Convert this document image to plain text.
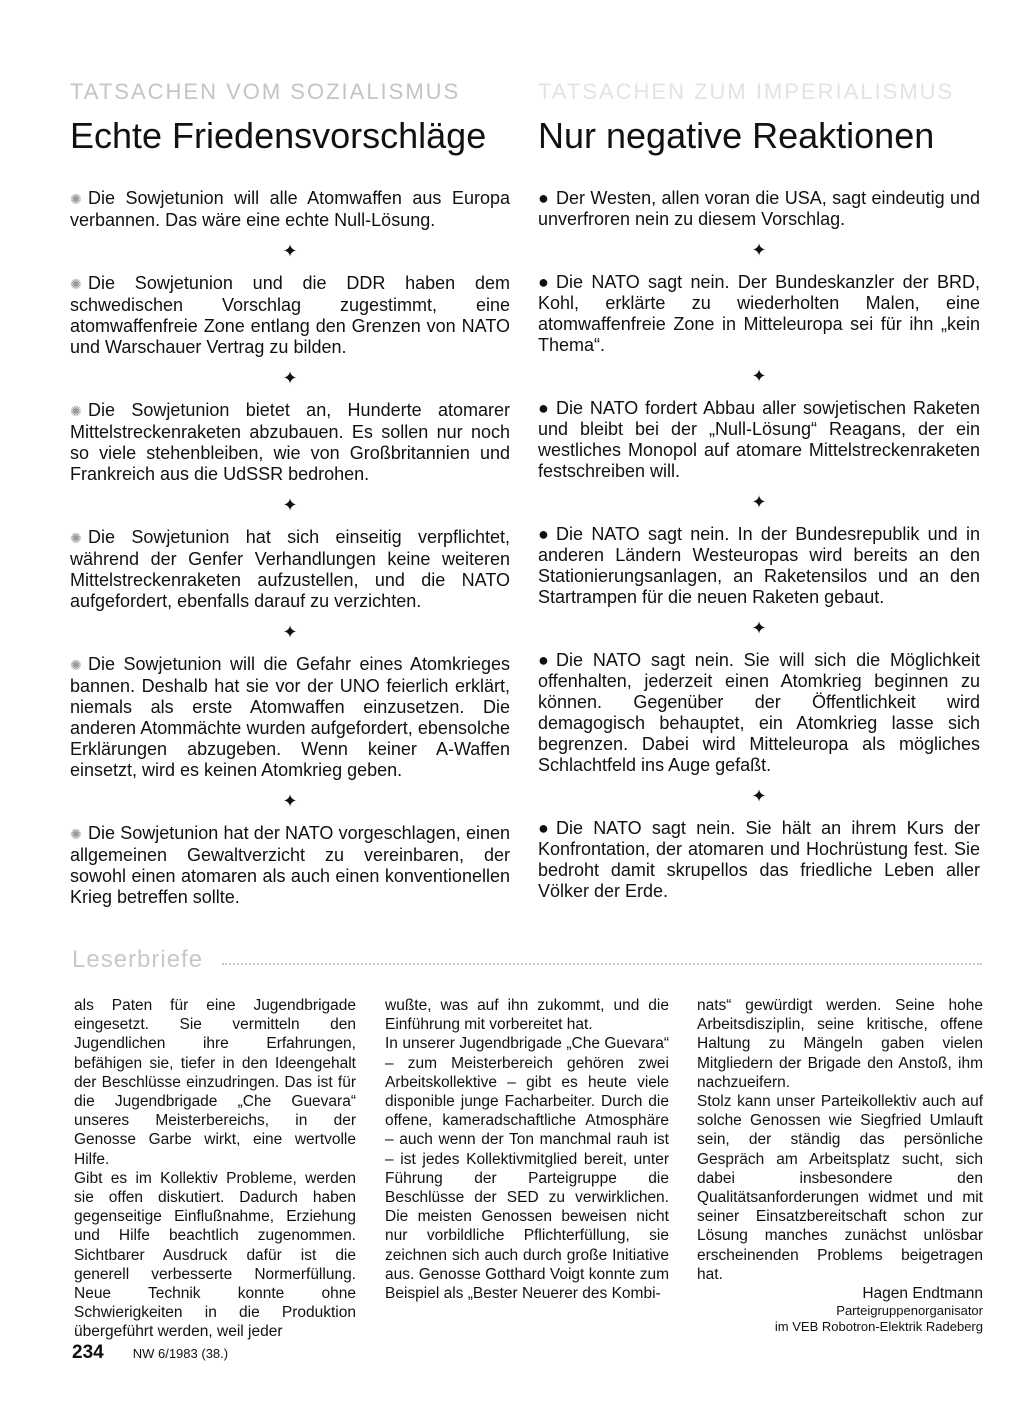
TATSACHEN VOM SOZIALISMUS
Echte Friedensvorschläge
✺ Die Sowjetunion will alle Atomwaffen aus Europa verbannen. Das wäre eine echte Null-Lösung.
✦
✺ Die Sowjetunion und die DDR haben dem schwedischen Vorschlag zugestimmt, eine atomwaffenfreie Zone entlang den Grenzen von NATO und Warschauer Vertrag zu bilden.
✦
✺ Die Sowjetunion bietet an, Hunderte atomarer Mittelstreckenraketen abzubauen. Es sollen nur noch so viele stehenbleiben, wie von Großbritannien und Frankreich aus die UdSSR bedrohen.
✦
✺ Die Sowjetunion hat sich einseitig verpflichtet, während der Genfer Verhandlungen keine weiteren Mittelstreckenraketen aufzustellen, und die NATO aufgefordert, ebenfalls darauf zu verzichten.
✦
✺ Die Sowjetunion will die Gefahr eines Atomkrieges bannen. Deshalb hat sie vor der UNO feierlich erklärt, niemals als erste Atomwaffen einzusetzen. Die anderen Atommächte wurden aufgefordert, ebensolche Erklärungen abzugeben. Wenn keiner A-Waffen einsetzt, wird es keinen Atomkrieg geben.
✦
✺ Die Sowjetunion hat der NATO vorgeschlagen, einen allgemeinen Gewaltverzicht zu vereinbaren, der sowohl einen atomaren als auch einen konventionellen Krieg betreffen sollte.
TATSACHEN ZUM IMPERIALISMUS
Nur negative Reaktionen
● Der Westen, allen voran die USA, sagt eindeutig und unverfroren nein zu diesem Vorschlag.
✦
● Die NATO sagt nein. Der Bundeskanzler der BRD, Kohl, erklärte zu wiederholten Malen, eine atomwaffenfreie Zone in Mitteleuropa sei für ihn „kein Thema“.
✦
● Die NATO fordert Abbau aller sowjetischen Raketen und bleibt bei der „Null-Lösung“ Reagans, der ein westliches Monopol auf atomare Mittelstreckenraketen festschreiben will.
✦
● Die NATO sagt nein. In der Bundesrepublik und in anderen Ländern Westeuropas wird bereits an den Stationierungsanlagen, an Raketensilos und an den Startrampen für die neuen Raketen gebaut.
✦
● Die NATO sagt nein. Sie will sich die Möglichkeit offenhalten, jederzeit einen Atomkrieg beginnen zu können. Gegenüber der Öffentlichkeit wird demagogisch behauptet, ein Atomkrieg lasse sich begrenzen. Dabei wird Mitteleuropa als mögliches Schlachtfeld ins Auge gefaßt.
✦
● Die NATO sagt nein. Sie hält an ihrem Kurs der Konfrontation, der atomaren und Hochrüstung fest. Sie bedroht damit skrupellos das friedliche Leben aller Völker der Erde.
Leserbriefe

als Paten für eine Jugendbrigade eingesetzt. Sie vermitteln den Jugendlichen ihre Erfahrungen, befähigen sie, tiefer in den Ideengehalt der Beschlüsse einzudringen. Das ist für die Jugendbrigade „Che Guevara“ unseres Meisterbereichs, in der Genosse Garbe wirkt, eine wertvolle Hilfe.

Gibt es im Kollektiv Probleme, werden sie offen diskutiert. Dadurch haben gegenseitige Einflußnahme, Erziehung und Hilfe beachtlich zugenommen. Sichtbarer Ausdruck dafür ist die generell verbesserte Normerfüllung. Neue Technik konnte ohne Schwierigkeiten in die Produktion übergeführt werden, weil jeder

wußte, was auf ihn zukommt, und die Einführung mit vorbereitet hat.

In unserer Jugendbrigade „Che Guevara“ – zum Meisterbereich gehören zwei Arbeitskollektive – gibt es heute viele disponible junge Facharbeiter. Durch die offene, kameradschaftliche Atmosphäre – auch wenn der Ton manchmal rauh ist – ist jedes Kollektivmitglied bereit, unter Führung der Parteigruppe die Beschlüsse der SED zu verwirklichen. Die meisten Genossen beweisen nicht nur vorbildliche Pflichterfüllung, sie zeichnen sich auch durch große Initiative aus. Genosse Gotthard Voigt konnte zum Beispiel als „Bester Neuerer des Kombi-

nats“ gewürdigt werden. Seine hohe Arbeitsdisziplin, seine kritische, offene Haltung zu Mängeln gaben vielen Mitgliedern der Brigade den Anstoß, ihm nachzueifern.

Stolz kann unser Parteikollektiv auch auf solche Genossen wie Siegfried Umlauft sein, der ständig das persönliche Gespräch am Arbeitsplatz sucht, sich dabei insbesondere den Qualitätsanforderungen widmet und mit seiner Einsatzbereitschaft schon zur Lösung manches zunächst unlösbar erscheinenden Problems beigetragen hat.

Hagen Endtmann
Parteigruppenorganisator
im VEB Robotron-Elektrik Radeberg
234 NW 6/1983 (38.)
